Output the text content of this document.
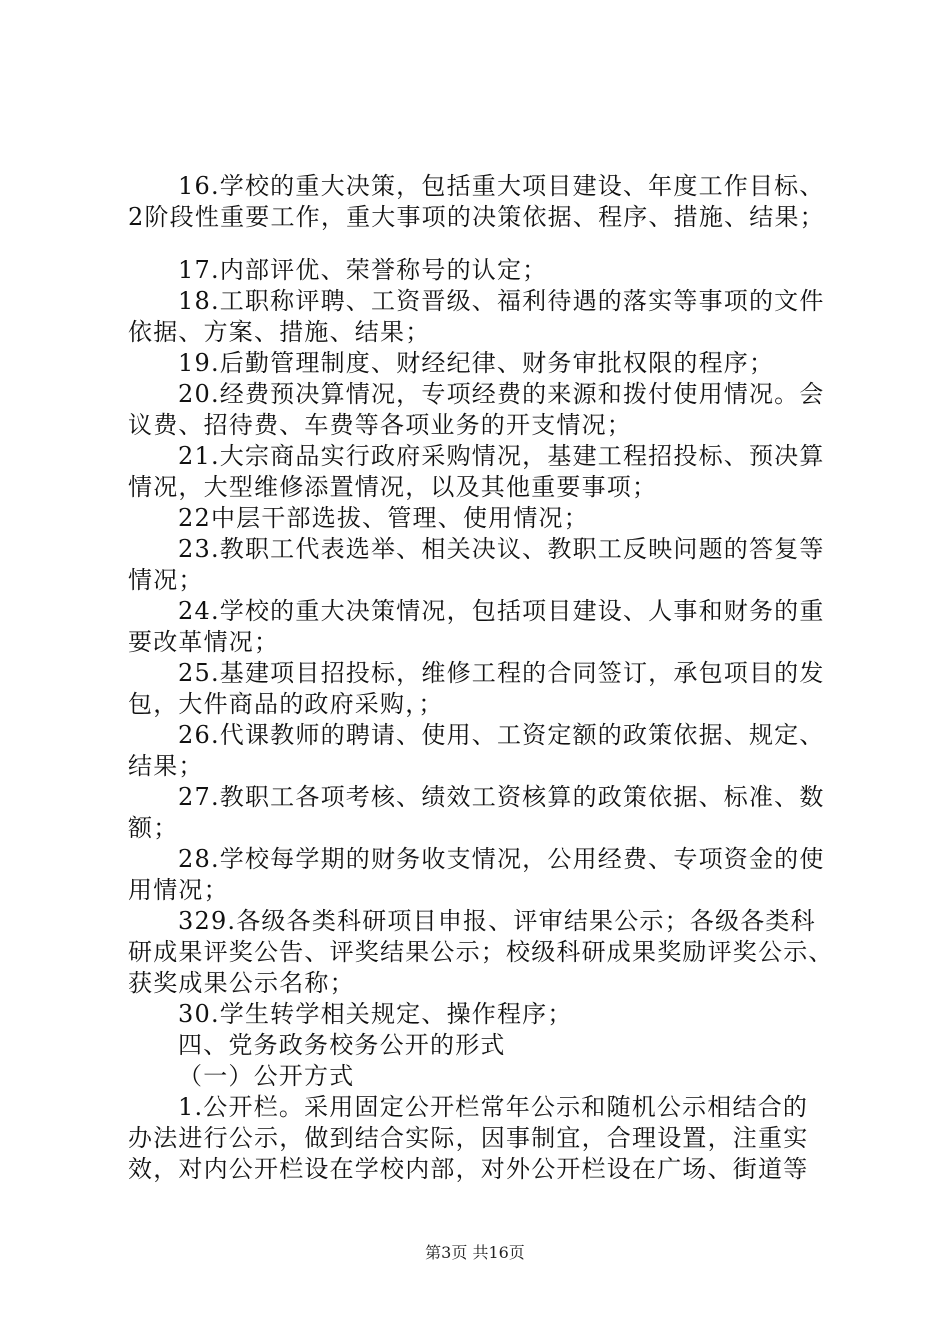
16.学校的重大决策，包括重大项目建设、年度工作目标、
2阶段性重要工作，重大事项的决策依据、程序、措施、结果；
17.内部评优、荣誉称号的认定；
18.工职称评聘、工资晋级、福利待遇的落实等事项的文件
依据、方案、措施、结果；
19.后勤管理制度、财经纪律、财务审批权限的程序；
20.经费预决算情况，专项经费的来源和拨付使用情况。会
议费、招待费、车费等各项业务的开支情况；
21.大宗商品实行政府采购情况，基建工程招投标、预决算
情况，大型维修添置情况，以及其他重要事项；
22中层干部选拔、管理、使用情况；
23.教职工代表选举、相关决议、教职工反映问题的答复等
情况；
24.学校的重大决策情况，包括项目建设、人事和财务的重
要改革情况；
25.基建项目招投标，维修工程的合同签订，承包项目的发
包，大件商品的政府采购，；
26.代课教师的聘请、使用、工资定额的政策依据、规定、
结果；
27.教职工各项考核、绩效工资核算的政策依据、标准、数
额；
28.学校每学期的财务收支情况，公用经费、专项资金的使
用情况；
329.各级各类科研项目申报、评审结果公示；各级各类科
研成果评奖公告、评奖结果公示；校级科研成果奖励评奖公示、
获奖成果公示名称；
30.学生转学相关规定、操作程序；
四、党务政务校务公开的形式
（一）公开方式
1.公开栏。采用固定公开栏常年公示和随机公示相结合的
办法进行公示，做到结合实际，因事制宜，合理设置，注重实
效，对内公开栏设在学校内部，对外公开栏设在广场、街道等
第3页 共16页
